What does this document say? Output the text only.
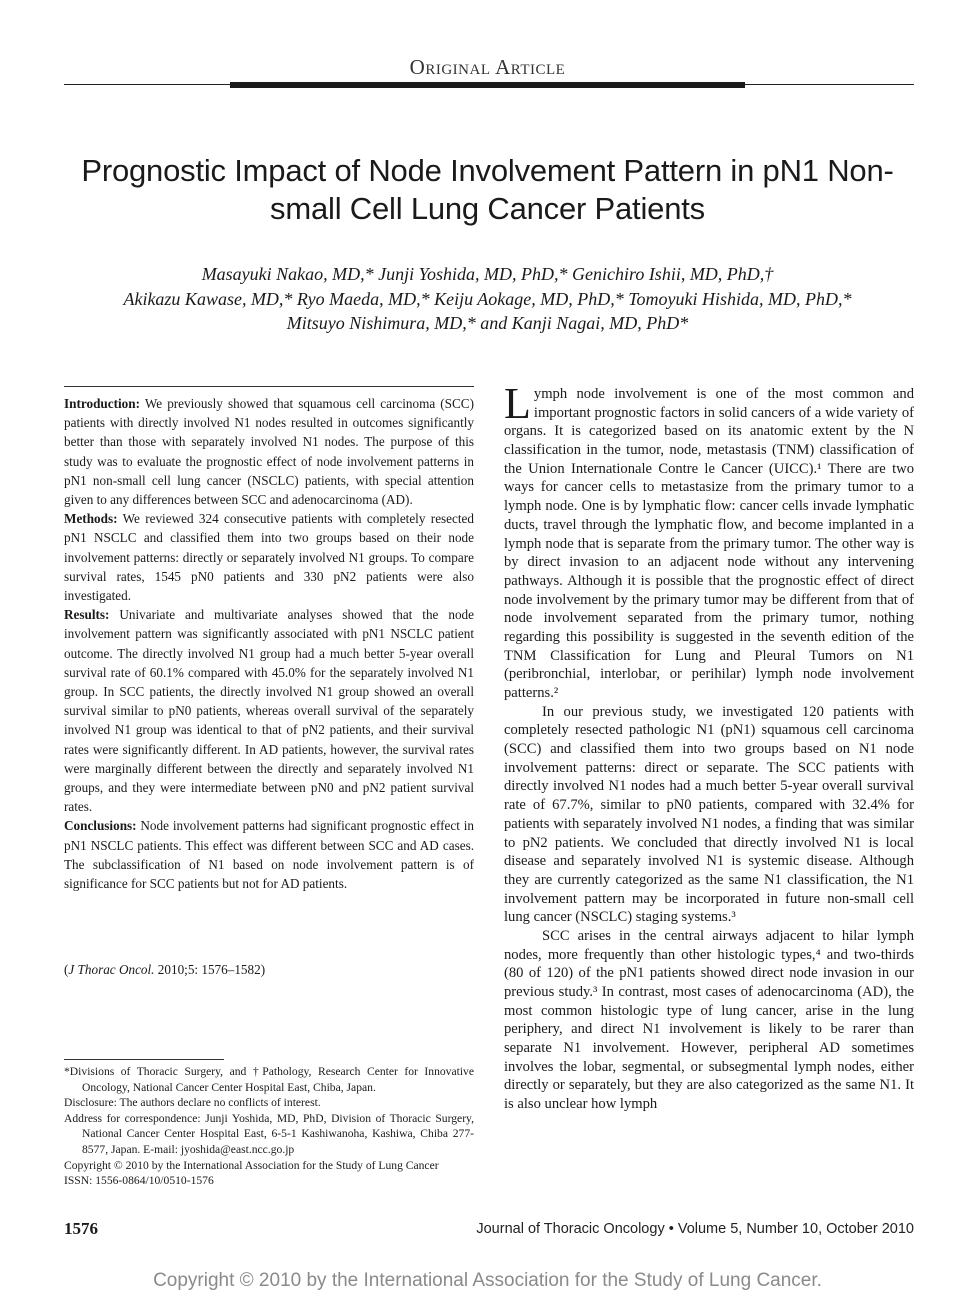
Original Article
Prognostic Impact of Node Involvement Pattern in pN1 Non-small Cell Lung Cancer Patients
Masayuki Nakao, MD,* Junji Yoshida, MD, PhD,* Genichiro Ishii, MD, PhD,†
Akikazu Kawase, MD,* Ryo Maeda, MD,* Keiju Aokage, MD, PhD,* Tomoyuki Hishida, MD, PhD,*
Mitsuyo Nishimura, MD,* and Kanji Nagai, MD, PhD*

Introduction: We previously showed that squamous cell carcinoma (SCC) patients with directly involved N1 nodes resulted in outcomes significantly better than those with separately involved N1 nodes. The purpose of this study was to evaluate the prognostic effect of node involvement patterns in pN1 non-small cell lung cancer (NSCLC) patients, with special attention given to any differences between SCC and adenocarcinoma (AD).

Methods: We reviewed 324 consecutive patients with completely resected pN1 NSCLC and classified them into two groups based on their node involvement patterns: directly or separately involved N1 groups. To compare survival rates, 1545 pN0 patients and 330 pN2 patients were also investigated.

Results: Univariate and multivariate analyses showed that the node involvement pattern was significantly associated with pN1 NSCLC patient outcome. The directly involved N1 group had a much better 5-year overall survival rate of 60.1% compared with 45.0% for the separately involved N1 group. In SCC patients, the directly involved N1 group showed an overall survival similar to pN0 patients, whereas overall survival of the separately involved N1 group was identical to that of pN2 patients, and their survival rates were significantly different. In AD patients, however, the survival rates were marginally different between the directly and separately involved N1 groups, and they were intermediate between pN0 and pN2 patient survival rates.

Conclusions: Node involvement patterns had significant prognostic effect in pN1 NSCLC patients. This effect was different between SCC and AD cases. The subclassification of N1 based on node involvement pattern is of significance for SCC patients but not for AD patients.

(J Thorac Oncol. 2010;5: 1576–1582)

*Divisions of Thoracic Surgery, and †Pathology, Research Center for Innovative Oncology, National Cancer Center Hospital East, Chiba, Japan.

Disclosure: The authors declare no conflicts of interest.

Address for correspondence: Junji Yoshida, MD, PhD, Division of Thoracic Surgery, National Cancer Center Hospital East, 6-5-1 Kashiwanoha, Kashiwa, Chiba 277-8577, Japan. E-mail: jyoshida@east.ncc.go.jp

Copyright © 2010 by the International Association for the Study of Lung Cancer

ISSN: 1556-0864/10/0510-1576

Lymph node involvement is one of the most common and important prognostic factors in solid cancers of a wide variety of organs. It is categorized based on its anatomic extent by the N classification in the tumor, node, metastasis (TNM) classification of the Union Internationale Contre le Cancer (UICC).¹ There are two ways for cancer cells to metastasize from the primary tumor to a lymph node. One is by lymphatic flow: cancer cells invade lymphatic ducts, travel through the lymphatic flow, and become implanted in a lymph node that is separate from the primary tumor. The other way is by direct invasion to an adjacent node without any intervening pathways. Although it is possible that the prognostic effect of direct node involvement by the primary tumor may be different from that of node involvement separated from the primary tumor, nothing regarding this possibility is suggested in the seventh edition of the TNM Classification for Lung and Pleural Tumors on N1 (peribronchial, interlobar, or perihilar) lymph node involvement patterns.²

In our previous study, we investigated 120 patients with completely resected pathologic N1 (pN1) squamous cell carcinoma (SCC) and classified them into two groups based on N1 node involvement patterns: direct or separate. The SCC patients with directly involved N1 nodes had a much better 5-year overall survival rate of 67.7%, similar to pN0 patients, compared with 32.4% for patients with separately involved N1 nodes, a finding that was similar to pN2 patients. We concluded that directly involved N1 is local disease and separately involved N1 is systemic disease. Although they are currently categorized as the same N1 classification, the N1 involvement pattern may be incorporated in future non-small cell lung cancer (NSCLC) staging systems.³

SCC arises in the central airways adjacent to hilar lymph nodes, more frequently than other histologic types,⁴ and two-thirds (80 of 120) of the pN1 patients showed direct node invasion in our previous study.³ In contrast, most cases of adenocarcinoma (AD), the most common histologic type of lung cancer, arise in the lung periphery, and direct N1 involvement is likely to be rarer than separate N1 involvement. However, peripheral AD sometimes involves the lobar, segmental, or subsegmental lymph nodes, either directly or separately, but they are also categorized as the same N1. It is also unclear how lymph

1576	Journal of Thoracic Oncology • Volume 5, Number 10, October 2010
Copyright © 2010 by the International Association for the Study of Lung Cancer.
